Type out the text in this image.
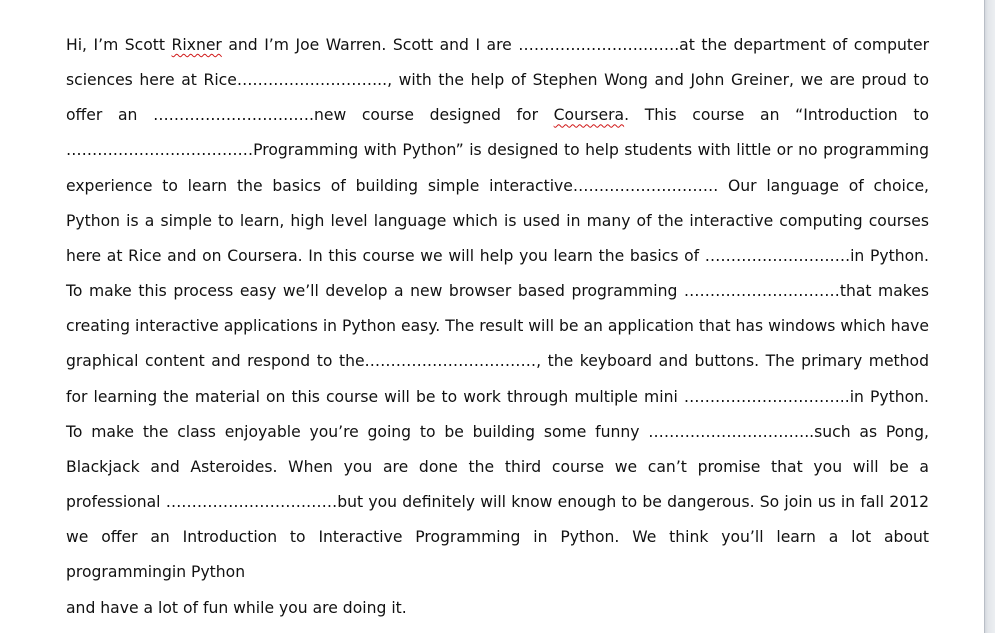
Hi, I’m Scott Rixner and I’m Joe Warren. Scott and I are ………………………….at the department of computer sciences here at Rice……………………….., with the help of Stephen Wong and John Greiner, we are proud to offer an ………………………….new course designed for Coursera. This course an “Introduction to ………………………………Programming with Python” is designed to help students with little or no programming experience to learn the basics of building simple interactive………………………. Our language of choice, Python is a simple to learn, high level language which is used in many of the interactive computing courses here at Rice and on Coursera. In this course we will help you learn the basics of ……………………….in Python. To make this process easy we’ll develop a new browser based programming …………………………that makes creating interactive applications in Python easy. The result will be an application that has windows which have graphical content and respond to the……………………………, the keyboard and buttons. The primary method for learning the material on this course will be to work through multiple mini …………………………..in Python. To make the class enjoyable you’re going to be building some funny …………………………..such as Pong, Blackjack and Asteroides. When you are done the third course we can’t promise that you will be a professional ……………………………but you definitely will know enough to be dangerous. So join us in fall 2012 we offer an Introduction to Interactive Programming in Python. We think you’ll learn a lot about programmingin Python
and have a lot of fun while you are doing it.
